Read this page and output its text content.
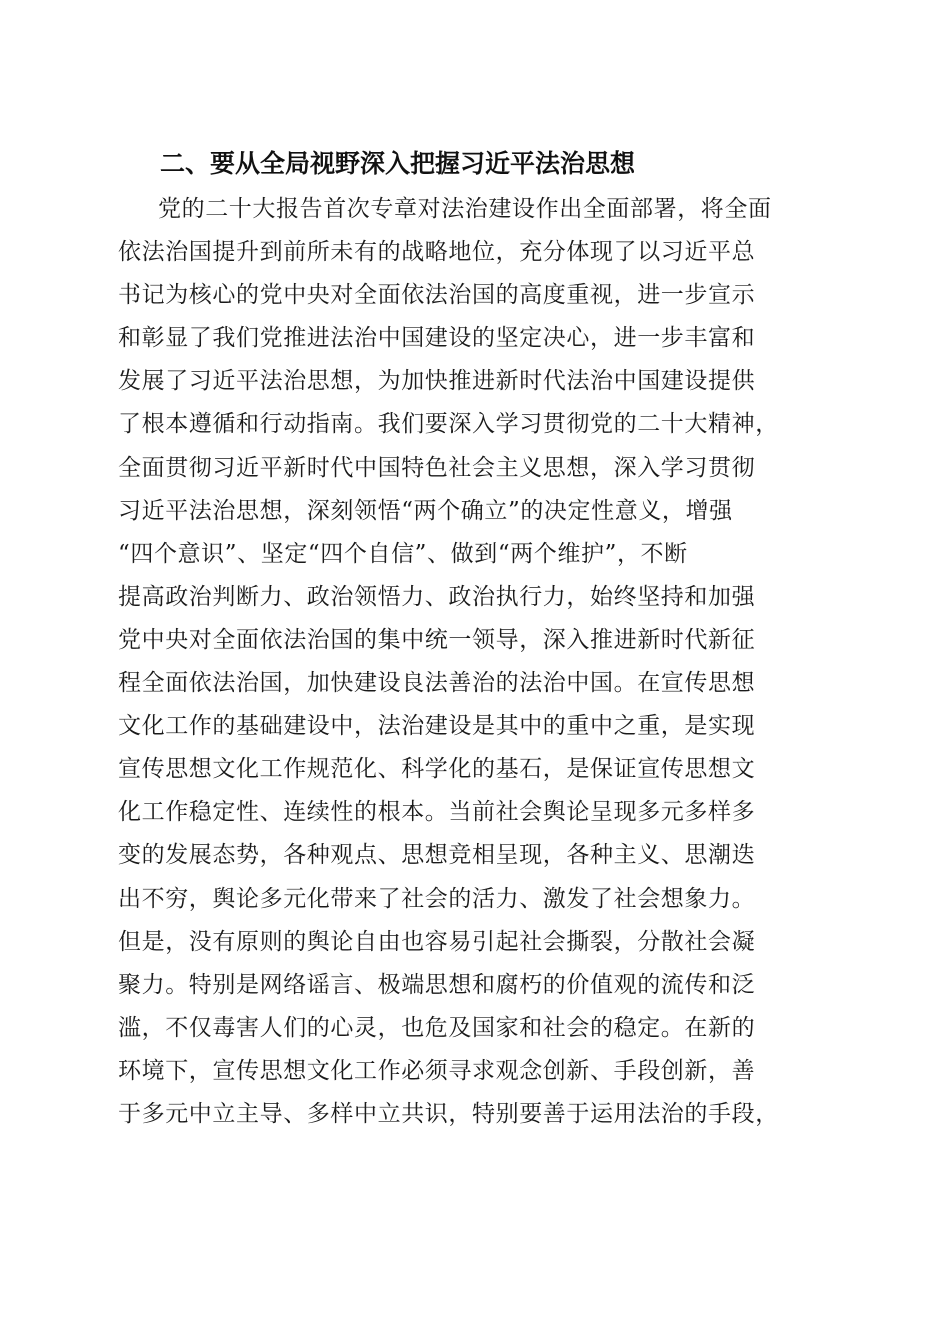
二、要从全局视野深入把握习近平法治思想
党的二十大报告首次专章对法治建设作出全面部署，将全面
依法治国提升到前所未有的战略地位，充分体现了以习近平总
书记为核心的党中央对全面依法治国的高度重视，进一步宣示
和彰显了我们党推进法治中国建设的坚定决心，进一步丰富和
发展了习近平法治思想，为加快推进新时代法治中国建设提供
了根本遵循和行动指南。我们要深入学习贯彻党的二十大精神，
全面贯彻习近平新时代中国特色社会主义思想，深入学习贯彻
习近平法治思想，深刻领悟“两个确立”的决定性意义，增强
“四个意识”、坚定“四个自信”、做到“两个维护”，不断
提高政治判断力、政治领悟力、政治执行力，始终坚持和加强
党中央对全面依法治国的集中统一领导，深入推进新时代新征
程全面依法治国，加快建设良法善治的法治中国。在宣传思想
文化工作的基础建设中，法治建设是其中的重中之重，是实现
宣传思想文化工作规范化、科学化的基石，是保证宣传思想文
化工作稳定性、连续性的根本。当前社会舆论呈现多元多样多
变的发展态势，各种观点、思想竞相呈现，各种主义、思潮迭
出不穷，舆论多元化带来了社会的活力、激发了社会想象力。
但是，没有原则的舆论自由也容易引起社会撕裂，分散社会凝
聚力。特别是网络谣言、极端思想和腐朽的价值观的流传和泛
滥，不仅毒害人们的心灵，也危及国家和社会的稳定。在新的
环境下，宣传思想文化工作必须寻求观念创新、手段创新，善
于多元中立主导、多样中立共识，特别要善于运用法治的手段，
